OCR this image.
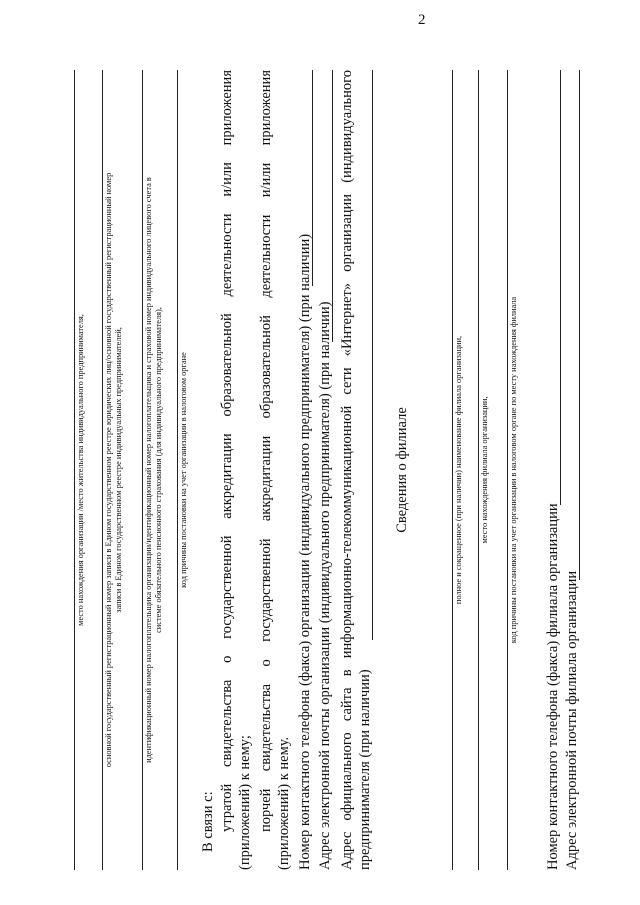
2
место нахождения организации /место жительства индивидуального предпринимателя, основной государственный регистрационный номер записи в Едином государственном реестре юридических лиц/основной государственный регистрационный номер записи в Едином государственном реестре индивидуальных предпринимателей,	идентификационный номер налогоплательщика организации/идентификационный номер налогоплательщика и страховой номер индивидуального лицевого счета в системе обязательного пенсионного страхования (для индивидуального предпринимателя), код причины постановки на учет организации в налоговом органе
В связи с: утратой свидетельства о государственной аккредитации образовательной деятельности и/или приложения (приложений) к нему; порчей свидетельства о государственной аккредитации образовательной деятельности и/или приложения (приложений) к нему. Номер контактного телефона (факса) организации (индивидуального предпринимателя) (при наличии) Адрес электронной почты организации (индивидуального предпринимателя) (при наличии) Адрес официального сайта в информационно-телекоммуникационной сети «Интернет» организации (индивидуального предпринимателя (при наличии)
Сведения о филиале	полное и сокращенное (при наличии) наименование филиала организации, место нахождения филиала организации, код причины постановки на учет организации в налоговом органе по месту нахождения филиала
Номер контактного телефона (факса) филиала организации Адрес электронной почты филиала организации
